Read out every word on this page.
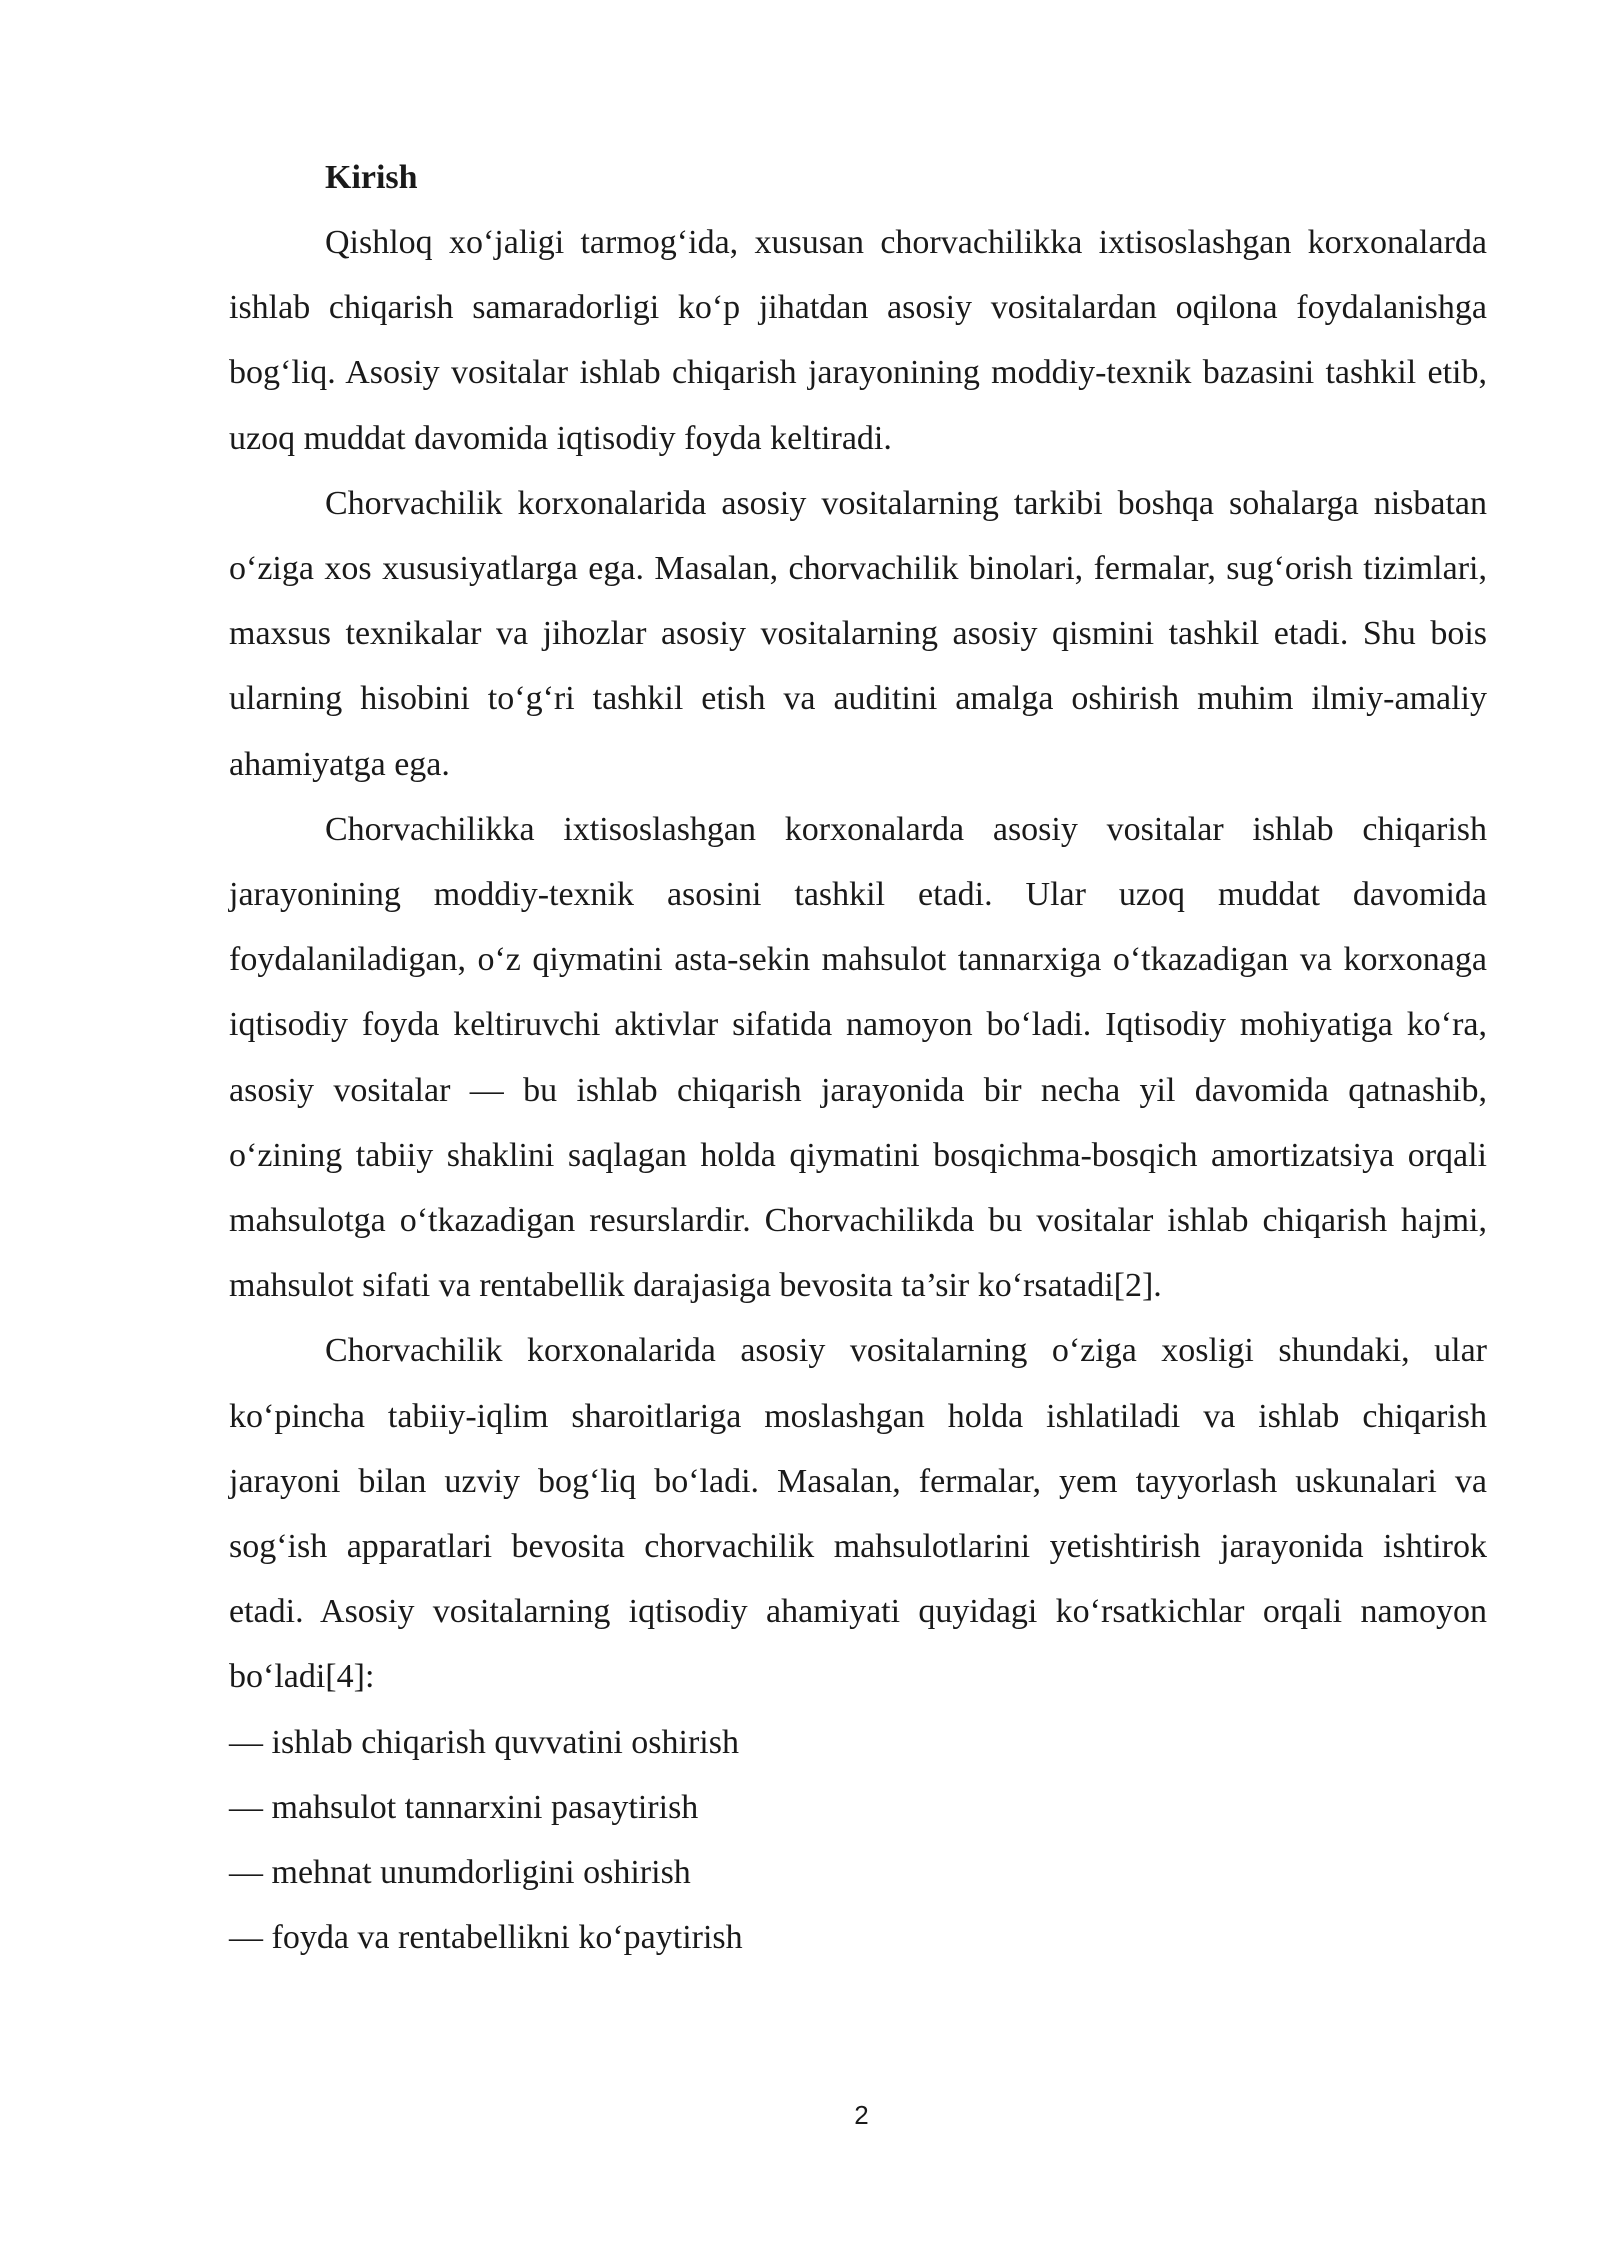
Kirish

Qishloq xo‘jaligi tarmog‘ida, xususan chorvachilikka ixtisoslashgan korxonalarda ishlab chiqarish samaradorligi ko‘p jihatdan asosiy vositalardan oqilona foydalanishga bog‘liq. Asosiy vositalar ishlab chiqarish jarayonining moddiy-texnik bazasini tashkil etib, uzoq muddat davomida iqtisodiy foyda keltiradi.

Chorvachilik korxonalarida asosiy vositalarning tarkibi boshqa sohalarga nisbatan o‘ziga xos xususiyatlarga ega. Masalan, chorvachilik binolari, fermalar, sug‘orish tizimlari, maxsus texnikalar va jihozlar asosiy vositalarning asosiy qismini tashkil etadi. Shu bois ularning hisobini to‘g‘ri tashkil etish va auditini amalga oshirish muhim ilmiy-amaliy ahamiyatga ega.

Chorvachilikka ixtisoslashgan korxonalarda asosiy vositalar ishlab chiqarish jarayonining moddiy-texnik asosini tashkil etadi. Ular uzoq muddat davomida foydalaniladigan, o‘z qiymatini asta-sekin mahsulot tannarxiga o‘tkazadigan va korxonaga iqtisodiy foyda keltiruvchi aktivlar sifatida namoyon bo‘ladi. Iqtisodiy mohiyatiga ko‘ra, asosiy vositalar — bu ishlab chiqarish jarayonida bir necha yil davomida qatnashib, o‘zining tabiiy shaklini saqlagan holda qiymatini bosqichma-bosqich amortizatsiya orqali mahsulotga o‘tkazadigan resurslardir. Chorvachilikda bu vositalar ishlab chiqarish hajmi, mahsulot sifati va rentabellik darajasiga bevosita ta’sir ko‘rsatadi[2].

Chorvachilik korxonalarida asosiy vositalarning o‘ziga xosligi shundaki, ular ko‘pincha tabiiy-iqlim sharoitlariga moslashgan holda ishlatiladi va ishlab chiqarish jarayoni bilan uzviy bog‘liq bo‘ladi. Masalan, fermalar, yem tayyorlash uskunalari va sog‘ish apparatlari bevosita chorvachilik mahsulotlarini yetishtirish jarayonida ishtirok etadi. Asosiy vositalarning iqtisodiy ahamiyati quyidagi ko‘rsatkichlar orqali namoyon bo‘ladi[4]:

— ishlab chiqarish quvvatini oshirish
— mahsulot tannarxini pasaytirish
— mehnat unumdorligini oshirish
— foyda va rentabellikni ko‘paytirish
2
